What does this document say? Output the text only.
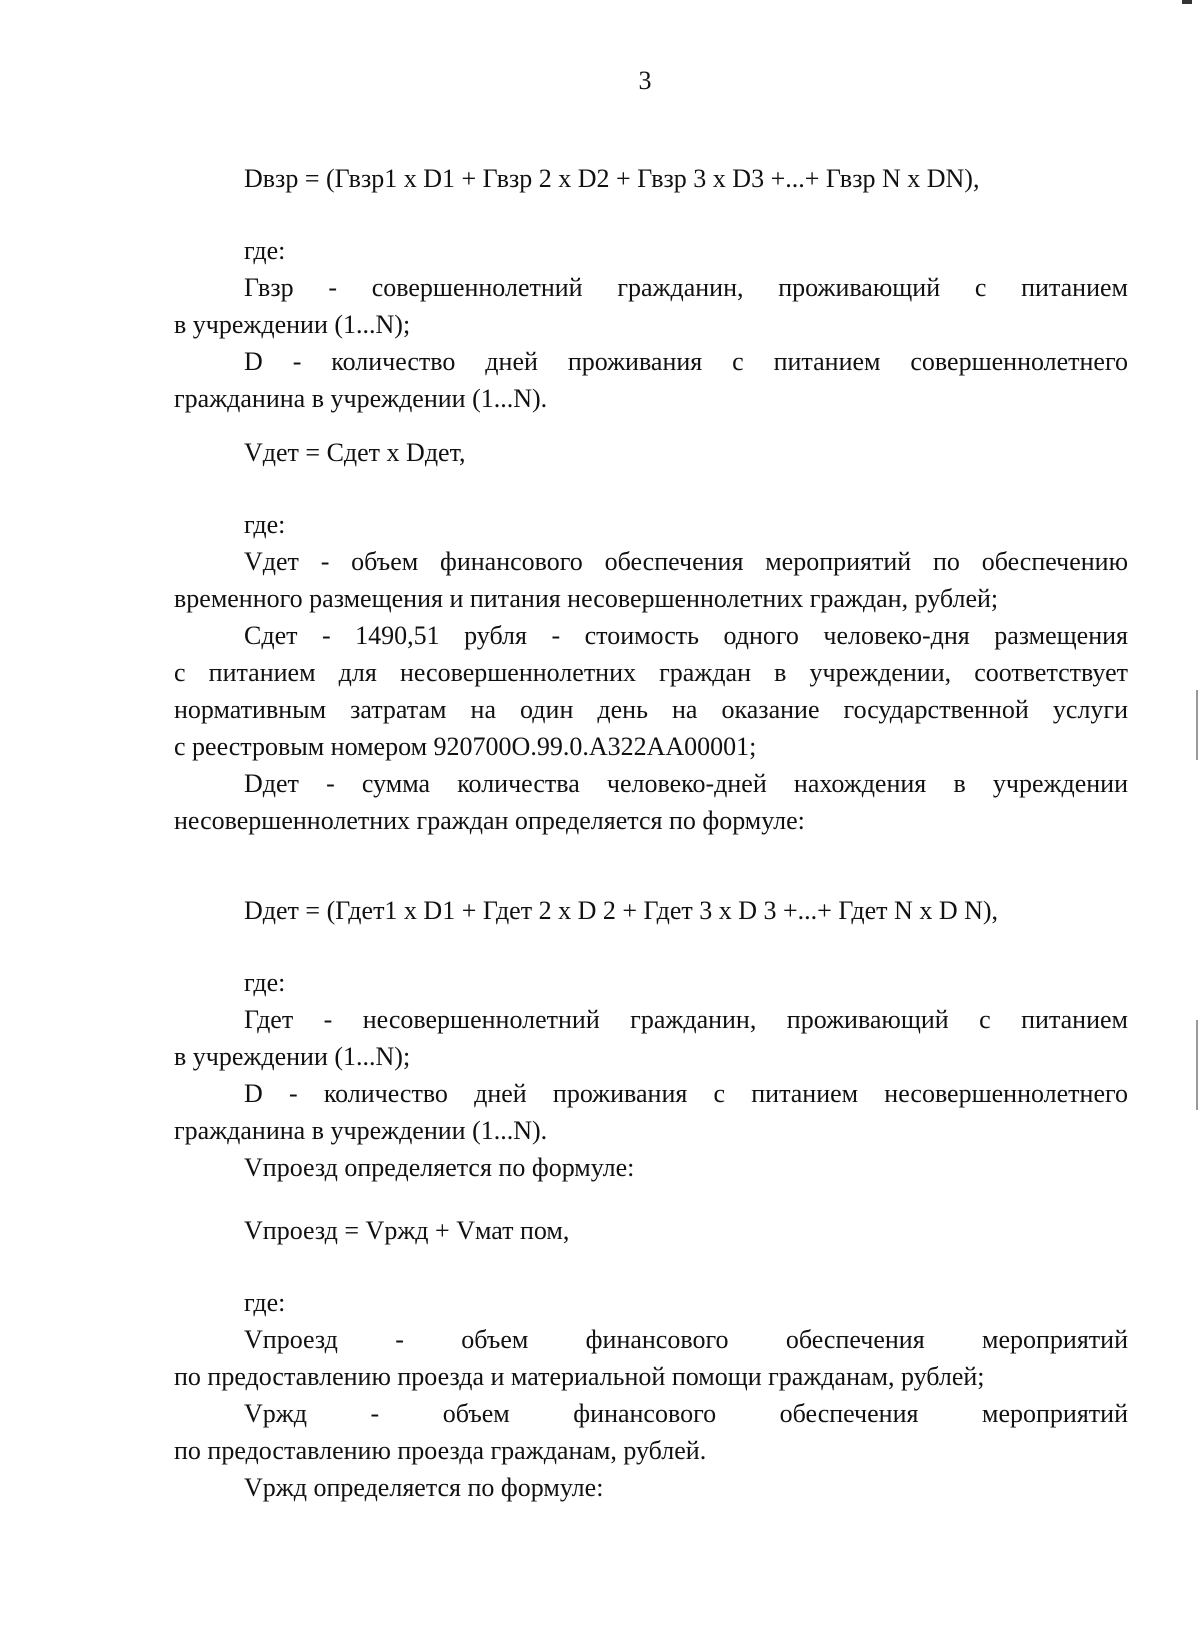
3

Dвзр = (Гвзр1 х D1 + Гвзр 2 х D2 + Гвзр 3 х D3 +...+ Гвзр N х DN),

где:

Гвзр - совершеннолетний гражданин, проживающий с питанием

в учреждении (1...N);

D - количество дней проживания с питанием совершеннолетнего

гражданина в учреждении (1...N).

Vдет = Сдет х Dдет,

где:

Vдет - объем финансового обеспечения мероприятий по обеспечению

временного размещения и питания несовершеннолетних граждан, рублей;

Сдет - 1490,51 рубля - стоимость одного человеко-дня размещения

с питанием для несовершеннолетних граждан в учреждении, соответствует

нормативным затратам на один день на оказание государственной услуги

с реестровым номером 920700О.99.0.А322АА00001;

Dдет - сумма количества человеко-дней нахождения в учреждении

несовершеннолетних граждан определяется по формуле:

Dдет = (Гдет1 х D1 + Гдет 2 х D 2 + Гдет 3 х D 3 +...+ Гдет N х D N),

где:

Гдет - несовершеннолетний гражданин, проживающий с питанием

в учреждении (1...N);

D - количество дней проживания с питанием несовершеннолетнего

гражданина в учреждении (1...N).

Vпроезд определяется по формуле:

Vпроезд = Vржд + Vмат пом,

где:

Vпроезд - объем финансового обеспечения мероприятий

по предоставлению проезда и материальной помощи гражданам, рублей;

Vржд - объем финансового обеспечения мероприятий

по предоставлению проезда гражданам, рублей.

Vржд определяется по формуле:
